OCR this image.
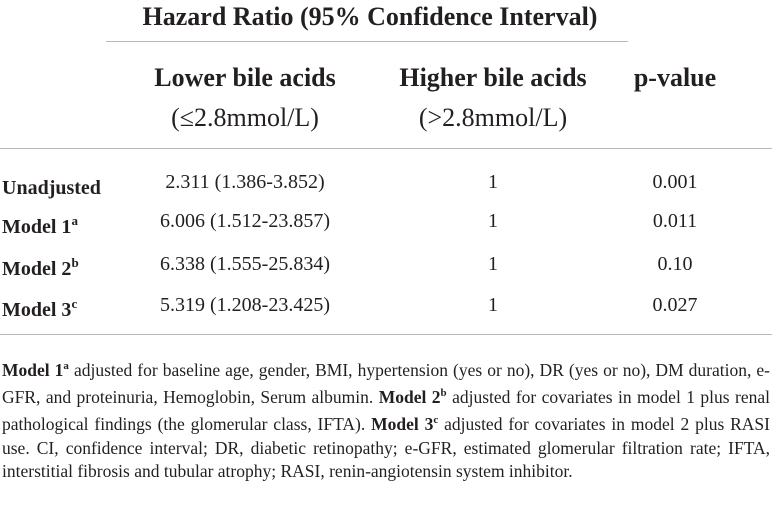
Hazard Ratio (95% Confidence Interval)
Lower bile acids
(≤2.8mmol/L)
Higher bile acids
(>2.8mmol/L)
p-value
Unadjusted	2.311 (1.386-3.852)	1	0.001
Model 1$^a$	6.006 (1.512-23.857)	1	0.011
Model 2$^b$	6.338 (1.555-25.834)	1	0.10
Model 3$^c$	5.319 (1.208-23.425)	1	0.027
Model 1$^a$ adjusted for baseline age, gender, BMI, hypertension (yes or no), DR (yes or no), DM duration, e-GFR, and proteinuria, Hemoglobin, Serum albumin. Model 2$^b$ adjusted for covariates in model 1 plus renal pathological findings (the glomerular class, IFTA). Model 3$^c$ adjusted for covariates in model 2 plus RASI use. CI, confidence interval; DR, diabetic retinopathy; e-GFR, estimated glomerular filtration rate; IFTA, interstitial fibrosis and tubular atrophy; RASI, renin-angiotensin system inhibitor.
